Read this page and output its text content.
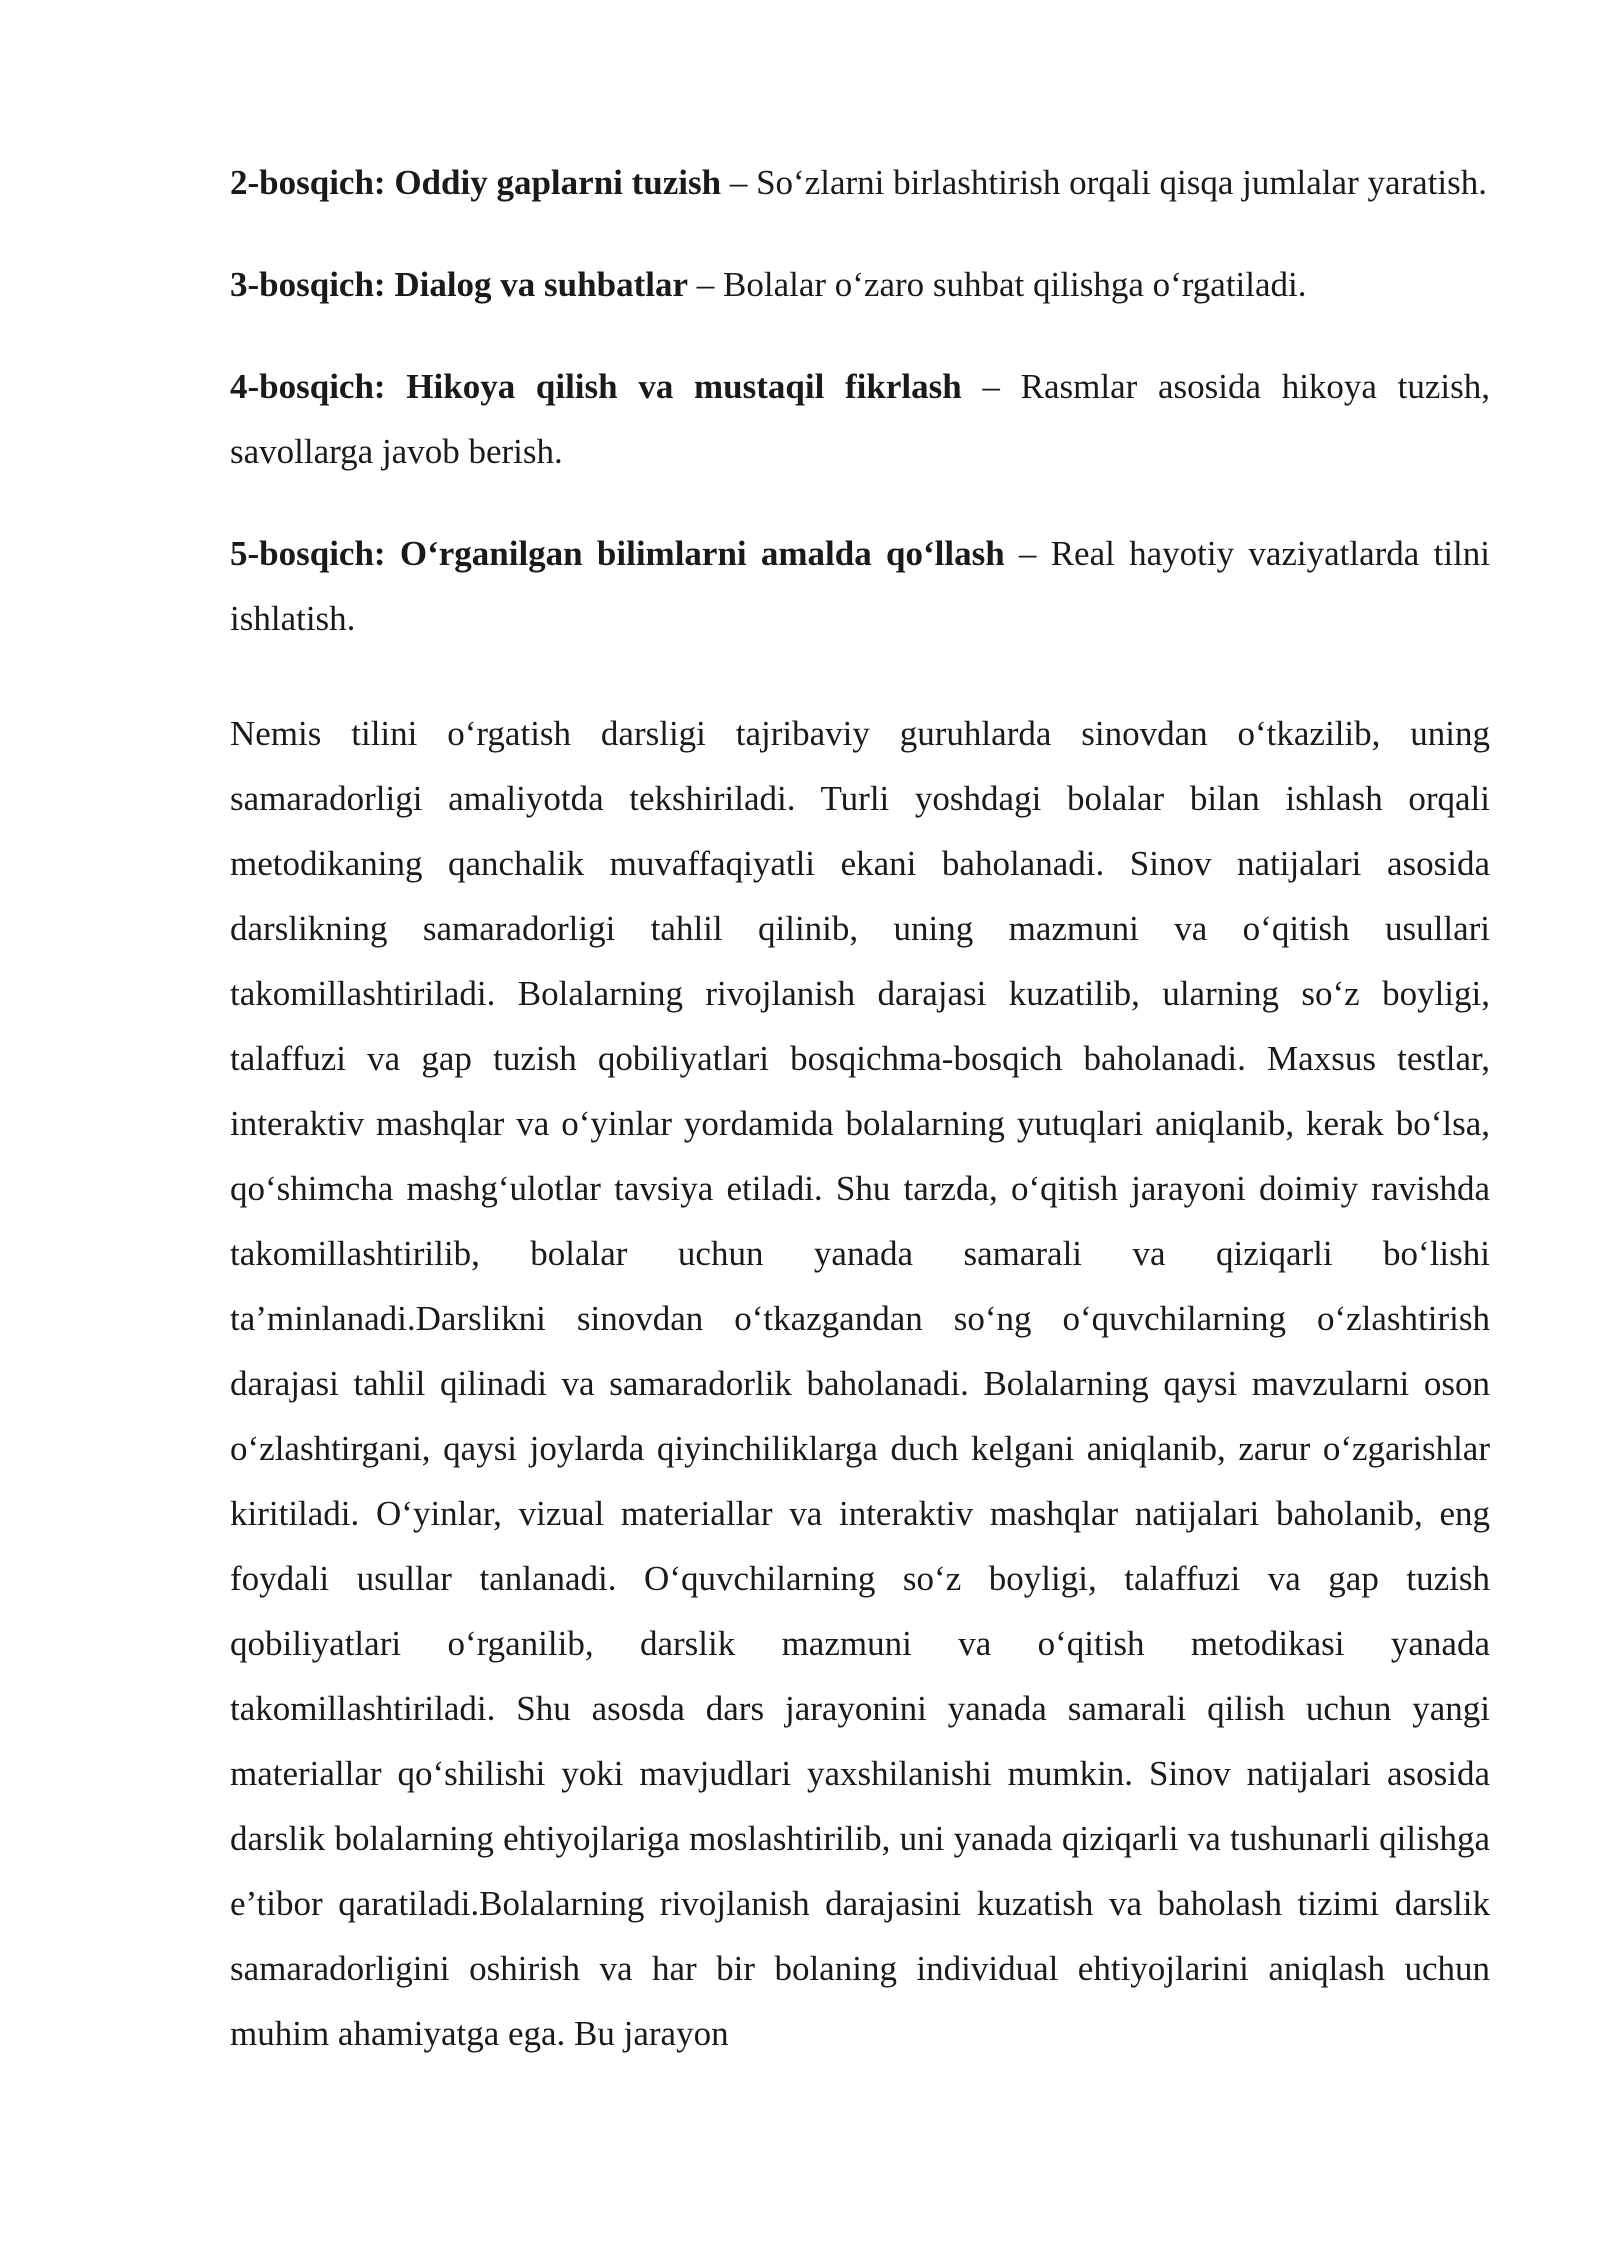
2-bosqich: Oddiy gaplarni tuzish – So‘zlarni birlashtirish orqali qisqa jumlalar yaratish.

3-bosqich: Dialog va suhbatlar – Bolalar o‘zaro suhbat qilishga o‘rgatiladi.

4-bosqich: Hikoya qilish va mustaqil fikrlash – Rasmlar asosida hikoya tuzish, savollarga javob berish.

5-bosqich: O‘rganilgan bilimlarni amalda qo‘llash – Real hayotiy vaziyatlarda tilni ishlatish.

Nemis tilini o‘rgatish darsligi tajribaviy guruhlarda sinovdan o‘tkazilib, uning samaradorligi amaliyotda tekshiriladi. Turli yoshdagi bolalar bilan ishlash orqali metodikaning qanchalik muvaffaqiyatli ekani baholanadi. Sinov natijalari asosida darslikning samaradorligi tahlil qilinib, uning mazmuni va o‘qitish usullari takomillashtiriladi. Bolalarning rivojlanish darajasi kuzatilib, ularning so‘z boyligi, talaffuzi va gap tuzish qobiliyatlari bosqichma-bosqich baholanadi. Maxsus testlar, interaktiv mashqlar va o‘yinlar yordamida bolalarning yutuqlari aniqlanib, kerak bo‘lsa, qo‘shimcha mashg‘ulotlar tavsiya etiladi. Shu tarzda, o‘qitish jarayoni doimiy ravishda takomillashtirilib, bolalar uchun yanada samarali va qiziqarli bo‘lishi ta’minlanadi.Darslikni sinovdan o‘tkazgandan so‘ng o‘quvchilarning o‘zlashtirish darajasi tahlil qilinadi va samaradorlik baholanadi. Bolalarning qaysi mavzularni oson o‘zlashtirgani, qaysi joylarda qiyinchiliklarga duch kelgani aniqlanib, zarur o‘zgarishlar kiritiladi. O‘yinlar, vizual materiallar va interaktiv mashqlar natijalari baholanib, eng foydali usullar tanlanadi. O‘quvchilarning so‘z boyligi, talaffuzi va gap tuzish qobiliyatlari o‘rganilib, darslik mazmuni va o‘qitish metodikasi yanada takomillashtiriladi. Shu asosda dars jarayonini yanada samarali qilish uchun yangi materiallar qo‘shilishi yoki mavjudlari yaxshilanishi mumkin. Sinov natijalari asosida darslik bolalarning ehtiyojlariga moslashtirilib, uni yanada qiziqarli va tushunarli qilishga e’tibor qaratiladi.Bolalarning rivojlanish darajasini kuzatish va baholash tizimi darslik samaradorligini oshirish va har bir bolaning individual ehtiyojlarini aniqlash uchun muhim ahamiyatga ega. Bu jarayon
